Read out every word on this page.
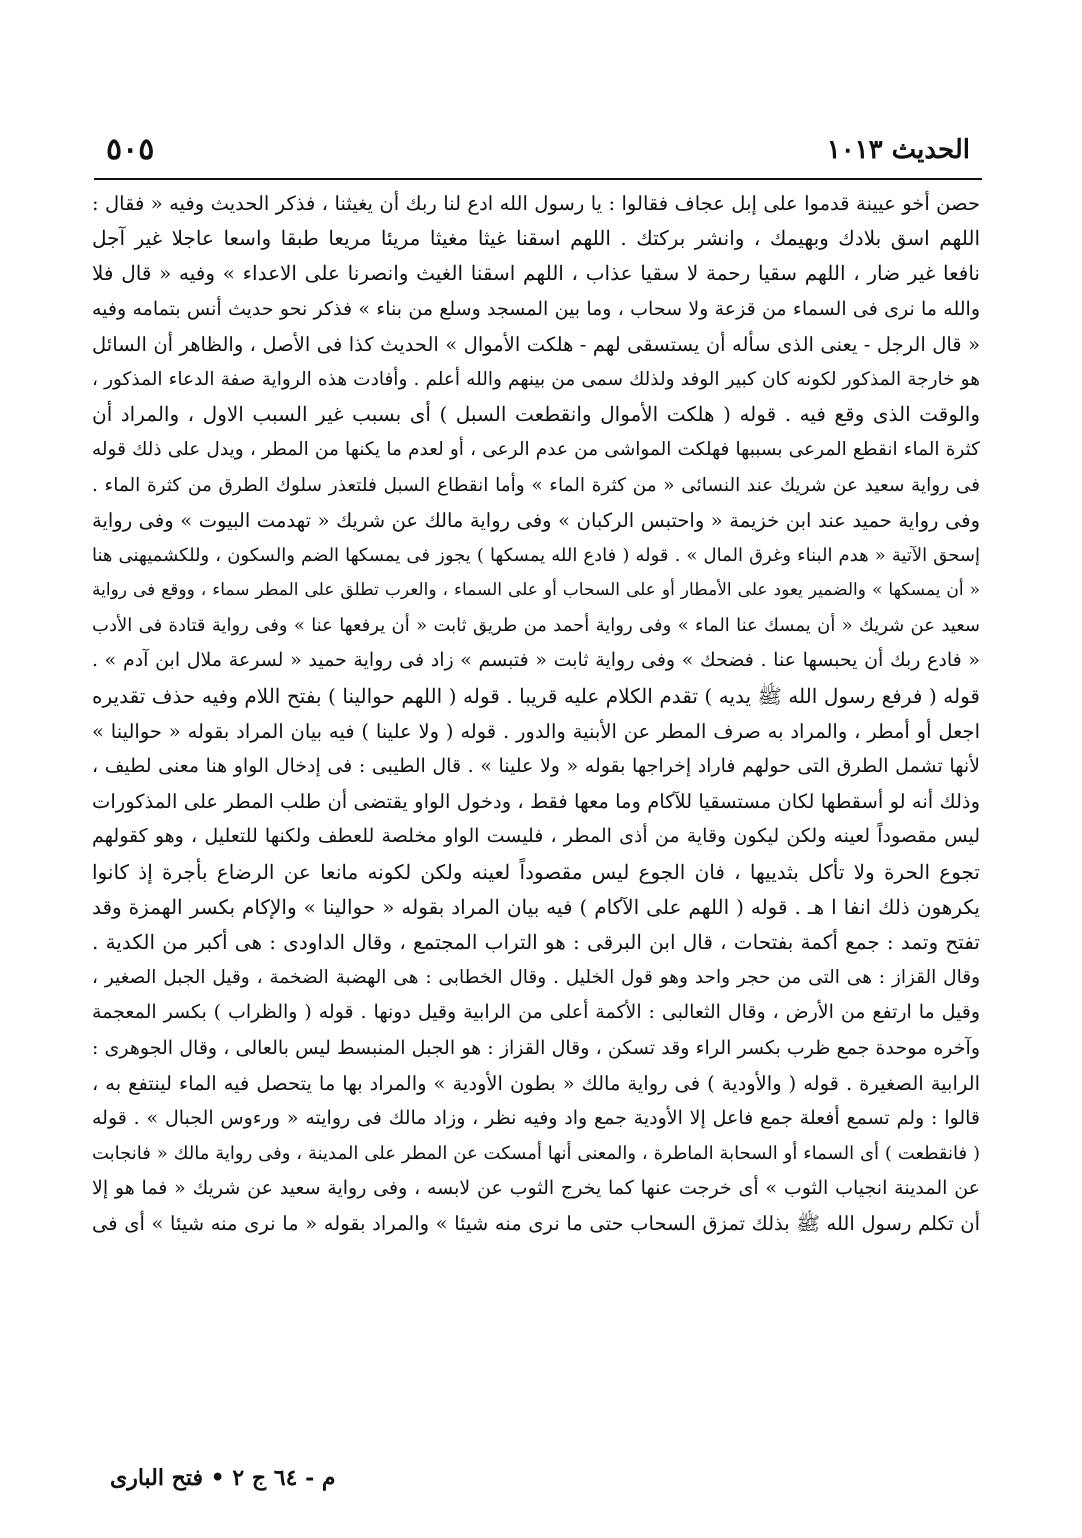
الحديث ١٠١٣
٥٠٥
حصن أخو عيينة قدموا على إبل عجاف فقالوا : يا رسول الله ادع لنا ربك أن يغيثنا ، فذكر الحديث وفيه « فقال :
اللهم اسق بلادك وبهيمك ، وانشر بركتك . اللهم اسقنا غيثا مغيثا مريئا مريعا طبقا واسعا عاجلا غير آجل
نافعا غير ضار ، اللهم سقيا رحمة لا سقيا عذاب ، اللهم اسقنا الغيث وانصرنا على الاعداء » وفيه « قال فلا
والله ما نرى فى السماء من قزعة ولا سحاب ، وما بين المسجد وسلع من بناء » فذكر نحو حديث أنس بتمامه وفيه
« قال الرجل - يعنى الذى سأله أن يستسقى لهم - هلكت الأموال » الحديث كذا فى الأصل ، والظاهر أن السائل
هو خارجة المذكور لكونه كان كبير الوفد ولذلك سمى من بينهم والله أعلم . وأفادت هذه الرواية صفة الدعاء المذكور ،
والوقت الذى وقع فيه . قوله ( هلكت الأموال وانقطعت السبل ) أى بسبب غير السبب الاول ، والمراد أن
كثرة الماء انقطع المرعى بسببها فهلكت المواشى من عدم الرعى ، أو لعدم ما يكنها من المطر ، ويدل على ذلك قوله
فى رواية سعيد عن شريك عند النسائى « من كثرة الماء » وأما انقطاع السبل فلتعذر سلوك الطرق من كثرة الماء .
وفى رواية حميد عند ابن خزيمة « واحتبس الركبان » وفى رواية مالك عن شريك « تهدمت البيوت » وفى رواية
إسحق الآتية « هدم البناء وغرق المال » . قوله ( فادع الله يمسكها ) يجوز فى يمسكها الضم والسكون ، وللكشميهنى هنا
« أن يمسكها » والضمير يعود على الأمطار أو على السحاب أو على السماء ، والعرب تطلق على المطر سماء ، ووقع فى رواية
سعيد عن شريك « أن يمسك عنا الماء » وفى رواية أحمد من طريق ثابت « أن يرفعها عنا » وفى رواية قتادة فى الأدب
« فادع ربك أن يحبسها عنا . فضحك » وفى رواية ثابت « فتبسم » زاد فى رواية حميد « لسرعة ملال ابن آدم » .
قوله ( فرفع رسول الله ﷺ يديه ) تقدم الكلام عليه قريبا . قوله ( اللهم حوالينا ) بفتح اللام وفيه حذف تقديره
اجعل أو أمطر ، والمراد به صرف المطر عن الأبنية والدور . قوله ( ولا علينا ) فيه بيان المراد بقوله « حوالينا »
لأنها تشمل الطرق التى حولهم فاراد إخراجها بقوله « ولا علينا » . قال الطيبى : فى إدخال الواو هنا معنى لطيف ،
وذلك أنه لو أسقطها لكان مستسقيا للآكام وما معها فقط ، ودخول الواو يقتضى أن طلب المطر على المذكورات
ليس مقصوداً لعينه ولكن ليكون وقاية من أذى المطر ، فليست الواو مخلصة للعطف ولكنها للتعليل ، وهو كقولهم
تجوع الحرة ولا تأكل بثدييها ، فان الجوع ليس مقصوداً لعينه ولكن لكونه مانعا عن الرضاع بأجرة إذ كانوا
يكرهون ذلك انفا ا هـ . قوله ( اللهم على الآكام ) فيه بيان المراد بقوله « حوالينا » والإكام بكسر الهمزة وقد
تفتح وتمد : جمع أكمة بفتحات ، قال ابن البرقى : هو التراب المجتمع ، وقال الداودى : هى أكبر من الكدية .
وقال القزاز : هى التى من حجر واحد وهو قول الخليل . وقال الخطابى : هى الهضبة الضخمة ، وقيل الجبل الصغير ،
وقيل ما ارتفع من الأرض ، وقال الثعالبى : الأكمة أعلى من الرابية وقيل دونها . قوله ( والظراب ) بكسر المعجمة
وآخره موحدة جمع ظرب بكسر الراء وقد تسكن ، وقال القزاز : هو الجبل المنبسط ليس بالعالى ، وقال الجوهرى :
الرابية الصغيرة . قوله ( والأودية ) فى رواية مالك « بطون الأودية » والمراد بها ما يتحصل فيه الماء لينتفع به ،
قالوا : ولم تسمع أفعلة جمع فاعل إلا الأودية جمع واد وفيه نظر ، وزاد مالك فى روايته « ورءوس الجبال » . قوله
( فانقطعت ) أى السماء أو السحابة الماطرة ، والمعنى أنها أمسكت عن المطر على المدينة ، وفى رواية مالك « فانجابت
عن المدينة انجياب الثوب » أى خرجت عنها كما يخرج الثوب عن لابسه ، وفى رواية سعيد عن شريك « فما هو إلا
أن تكلم رسول الله ﷺ بذلك تمزق السحاب حتى ما نرى منه شيئا » والمراد بقوله « ما نرى منه شيئا » أى فى
م - ٦٤ ج ٢ • فتح البارى
